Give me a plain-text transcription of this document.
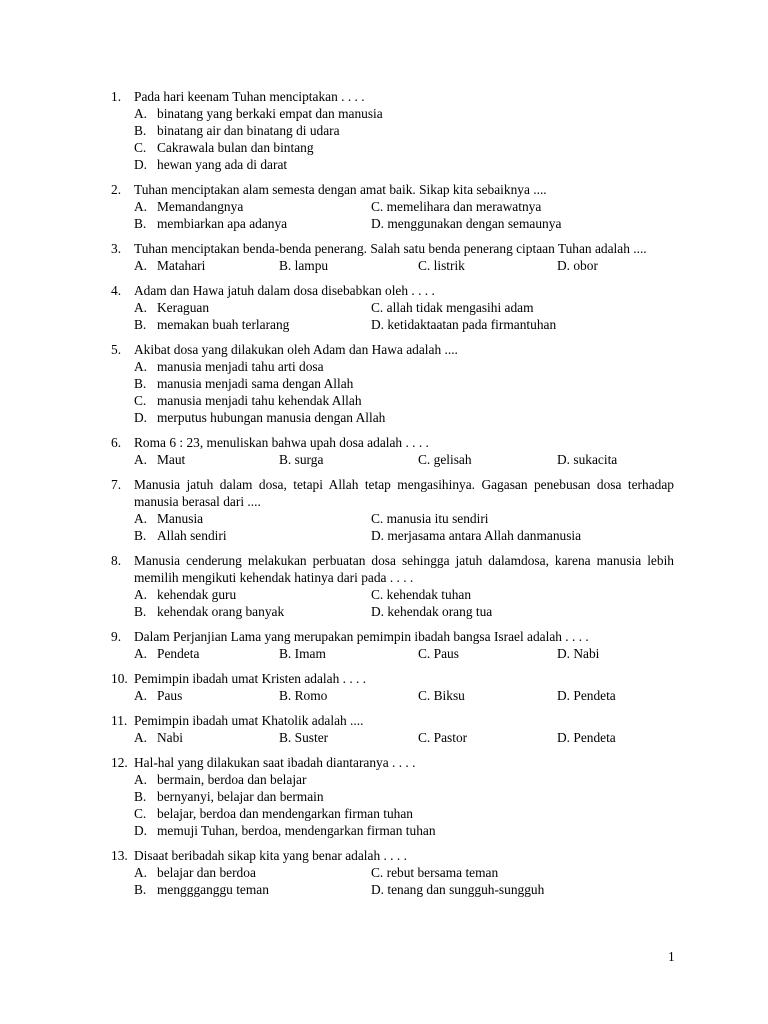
1. Pada hari keenam Tuhan menciptakan . . . .
A. binatang yang berkaki empat dan manusia
B. binatang air dan binatang di udara
C. Cakrawala bulan dan bintang
D. hewan yang ada di darat
2. Tuhan menciptakan alam semesta dengan amat baik. Sikap kita sebaiknya ....
A. Memandangnya	C. memelihara dan merawatnya
B. membiarkan apa adanya	D. menggunakan dengan semaunya
3. Tuhan menciptakan benda-benda penerang. Salah satu benda penerang ciptaan Tuhan adalah ....
A. Matahari	B. lampu	C. listrik	D. obor
4. Adam dan Hawa jatuh dalam dosa disebabkan oleh . . . .
A. Keraguan	C. allah tidak mengasihi adam
B. memakan buah terlarang	D. ketidaktaatan pada firmantuhan
5. Akibat dosa yang dilakukan oleh Adam dan Hawa adalah ....
A. manusia menjadi tahu arti dosa
B. manusia menjadi sama dengan Allah
C. manusia menjadi tahu kehendak Allah
D. merputus hubungan manusia dengan Allah
6. Roma 6 : 23, menuliskan bahwa upah dosa adalah . . . .
A. Maut	B. surga	C. gelisah	D. sukacita
7. Manusia jatuh dalam dosa, tetapi Allah tetap mengasihinya. Gagasan penebusan dosa terhadap manusia berasal dari ....
A. Manusia	C. manusia itu sendiri
B. Allah sendiri	D. merjasama antara Allah danmanusia
8. Manusia cenderung melakukan perbuatan dosa sehingga jatuh dalamdosa, karena manusia lebih memilih mengikuti kehendak hatinya dari pada . . . .
A. kehendak guru	C. kehendak tuhan
B. kehendak orang banyak	D. kehendak orang tua
9. Dalam Perjanjian Lama yang merupakan pemimpin ibadah bangsa Israel adalah . . . .
A. Pendeta	B. Imam	C. Paus	D. Nabi
10. Pemimpin ibadah umat Kristen adalah . . . .
A. Paus	B. Romo	C. Biksu	D. Pendeta
11. Pemimpin ibadah umat Khatolik adalah ....
A. Nabi	B. Suster	C. Pastor	D. Pendeta
12. Hal-hal yang dilakukan saat ibadah diantaranya . . . .
A. bermain, berdoa dan belajar
B. bernyanyi, belajar dan bermain
C. belajar, berdoa dan mendengarkan firman tuhan
D. memuji Tuhan, berdoa, mendengarkan firman tuhan
13. Disaat beribadah sikap kita yang benar adalah . . . .
A. belajar dan berdoa	C. rebut bersama teman
B. menggganggu teman	D. tenang dan sungguh-sungguh
1
